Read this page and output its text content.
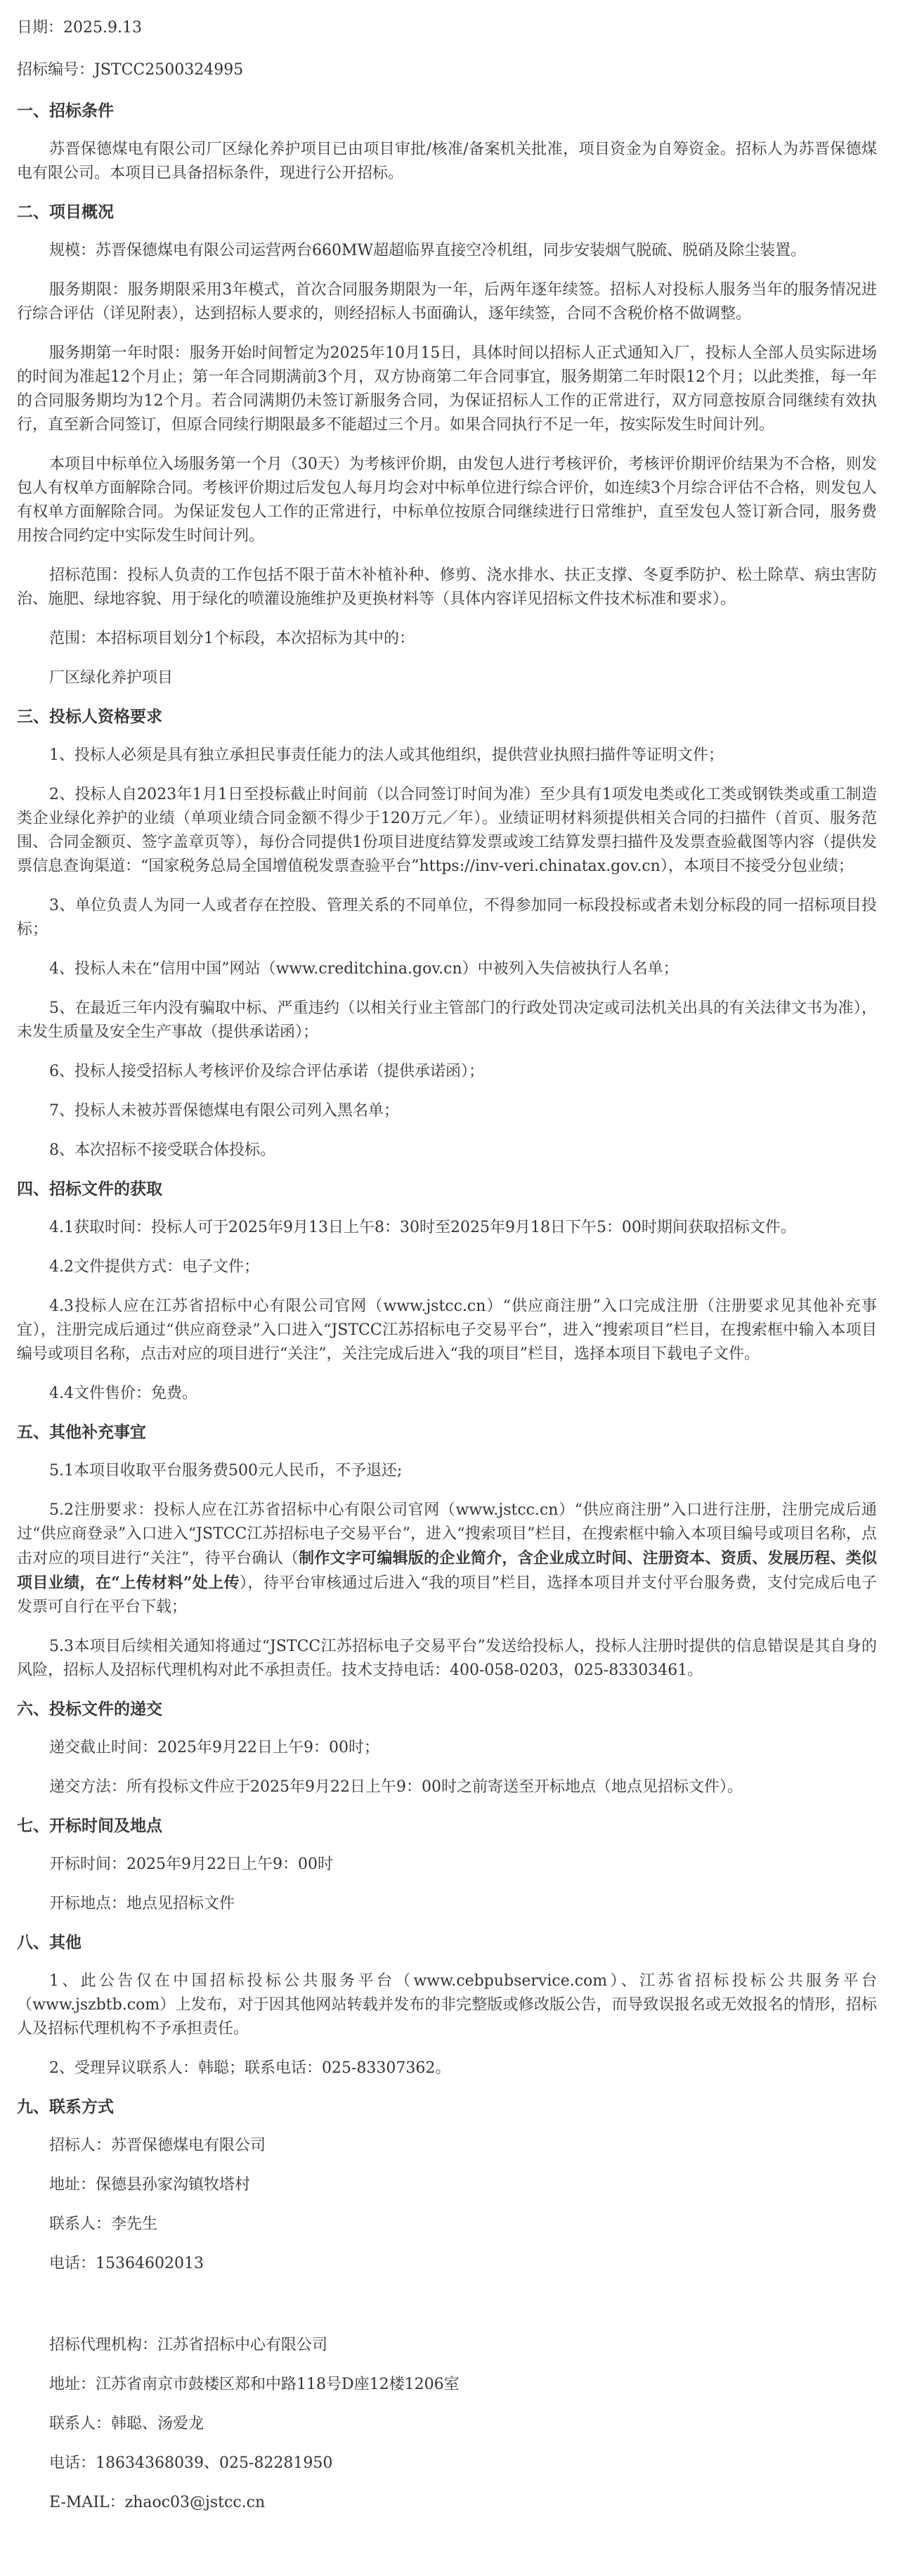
日期：2025.9.13
招标编号：JSTCC2500324995
一、招标条件
苏晋保德煤电有限公司厂区绿化养护项目已由项目审批/核准/备案机关批准，项目资金为自筹资金。招标人为苏晋保德煤电有限公司。本项目已具备招标条件，现进行公开招标。
二、项目概况
规模：苏晋保德煤电有限公司运营两台660MW超超临界直接空冷机组，同步安装烟气脱硫、脱硝及除尘装置。
服务期限：服务期限采用3年模式，首次合同服务期限为一年，后两年逐年续签。招标人对投标人服务当年的服务情况进行综合评估（详见附表），达到招标人要求的，则经招标人书面确认，逐年续签，合同不含税价格不做调整。
服务期第一年时限：服务开始时间暂定为2025年10月15日，具体时间以招标人正式通知入厂，投标人全部人员实际进场的时间为准起12个月止；第一年合同期满前3个月，双方协商第二年合同事宜，服务期第二年时限12个月；以此类推，每一年的合同服务期均为12个月。若合同满期仍未签订新服务合同，为保证招标人工作的正常进行，双方同意按原合同继续有效执行，直至新合同签订，但原合同续行期限最多不能超过三个月。如果合同执行不足一年，按实际发生时间计列。
本项目中标单位入场服务第一个月（30天）为考核评价期，由发包人进行考核评价，考核评价期评价结果为不合格，则发包人有权单方面解除合同。考核评价期过后发包人每月均会对中标单位进行综合评价，如连续3个月综合评估不合格，则发包人有权单方面解除合同。为保证发包人工作的正常进行，中标单位按原合同继续进行日常维护，直至发包人签订新合同，服务费用按合同约定中实际发生时间计列。
招标范围：投标人负责的工作包括不限于苗木补植补种、修剪、浇水排水、扶正支撑、冬夏季防护、松土除草、病虫害防治、施肥、绿地容貌、用于绿化的喷灌设施维护及更换材料等（具体内容详见招标文件技术标准和要求）。
范围：本招标项目划分1个标段，本次招标为其中的：
厂区绿化养护项目
三、投标人资格要求
1、投标人必须是具有独立承担民事责任能力的法人或其他组织，提供营业执照扫描件等证明文件；
2、投标人自2023年1月1日至投标截止时间前（以合同签订时间为准）至少具有1项发电类或化工类或钢铁类或重工制造类企业绿化养护的业绩（单项业绩合同金额不得少于120万元／年）。业绩证明材料须提供相关合同的扫描件（首页、服务范围、合同金额页、签字盖章页等），每份合同提供1份项目进度结算发票或竣工结算发票扫描件及发票查验截图等内容（提供发票信息查询渠道：“国家税务总局全国增值税发票查验平台”https://inv-veri.chinatax.gov.cn），本项目不接受分包业绩；
3、单位负责人为同一人或者存在控股、管理关系的不同单位，不得参加同一标段投标或者未划分标段的同一招标项目投标；
4、投标人未在“信用中国”网站（www.creditchina.gov.cn）中被列入失信被执行人名单；
5、在最近三年内没有骗取中标、严重违约（以相关行业主管部门的行政处罚决定或司法机关出具的有关法律文书为准），未发生质量及安全生产事故（提供承诺函）；
6、投标人接受招标人考核评价及综合评估承诺（提供承诺函）；
7、投标人未被苏晋保德煤电有限公司列入黑名单；
8、本次招标不接受联合体投标。
四、招标文件的获取
4.1获取时间：投标人可于2025年9月13日上午8：30时至2025年9月18日下午5：00时期间获取招标文件。
4.2文件提供方式：电子文件；
4.3投标人应在江苏省招标中心有限公司官网（www.jstcc.cn）“供应商注册”入口完成注册（注册要求见其他补充事宜），注册完成后通过“供应商登录”入口进入“JSTCC江苏招标电子交易平台”，进入“搜索项目”栏目，在搜索框中输入本项目编号或项目名称，点击对应的项目进行“关注”，关注完成后进入“我的项目”栏目，选择本项目下载电子文件。
4.4文件售价：免费。
五、其他补充事宜
5.1本项目收取平台服务费500元人民币，不予退还;
5.2注册要求：投标人应在江苏省招标中心有限公司官网（www.jstcc.cn）“供应商注册”入口进行注册，注册完成后通过“供应商登录”入口进入“JSTCC江苏招标电子交易平台”，进入“搜索项目”栏目，在搜索框中输入本项目编号或项目名称，点击对应的项目进行“关注”，待平台确认（制作文字可编辑版的企业简介，含企业成立时间、注册资本、资质、发展历程、类似项目业绩，在“上传材料”处上传），待平台审核通过后进入“我的项目”栏目，选择本项目并支付平台服务费，支付完成后电子发票可自行在平台下载；
5.3本项目后续相关通知将通过“JSTCC江苏招标电子交易平台”发送给投标人，投标人注册时提供的信息错误是其自身的风险，招标人及招标代理机构对此不承担责任。技术支持电话：400-058-0203，025-83303461。
六、投标文件的递交
递交截止时间：2025年9月22日上午9：00时；
递交方法：所有投标文件应于2025年9月22日上午9：00时之前寄送至开标地点（地点见招标文件）。
七、开标时间及地点
开标时间：2025年9月22日上午9：00时
开标地点：地点见招标文件
八、其他
1、此公告仅在中国招标投标公共服务平台（www.cebpubservice.com）、江苏省招标投标公共服务平台（www.jszbtb.com）上发布，对于因其他网站转载并发布的非完整版或修改版公告，而导致误报名或无效报名的情形，招标人及招标代理机构不予承担责任。
2、受理异议联系人：韩聪；联系电话：025-83307362。
九、联系方式
招标人：苏晋保德煤电有限公司
地址：保德县孙家沟镇牧塔村
联系人：李先生
电话：15364602013
招标代理机构：江苏省招标中心有限公司
地址：江苏省南京市鼓楼区郑和中路118号D座12楼1206室
联系人：韩聪、汤爱龙
电话：18634368039、025-82281950
E-MAIL：zhaoc03@jstcc.cn
